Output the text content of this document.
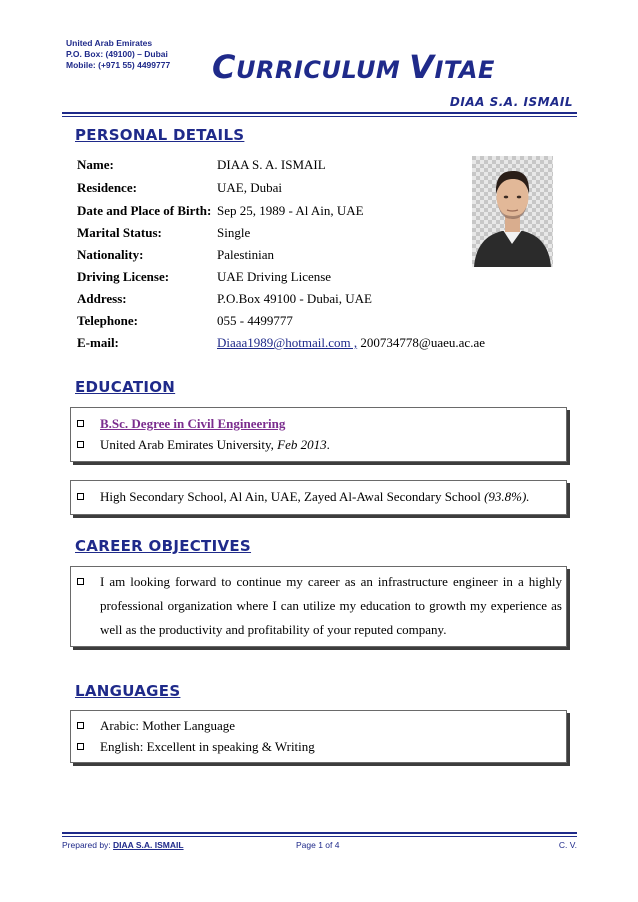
United Arab Emirates
P.O. Box: (49100) – Dubai
Mobile: (+971 55) 4499777 CURRICULUM VITAE
DIAA S.A. ISMAIL
PERSONAL DETAILS
Name:	DIAA S. A. ISMAIL
Residence:	UAE, Dubai
Date and Place of Birth: Sep 25, 1989 - Al Ain, UAE
Marital Status:	Single
Nationality:	Palestinian
Driving License:	UAE Driving License
Address:	P.O.Box 49100 - Dubai, UAE
Telephone:	055 - 4499777
E-mail:	Diaaa1989@hotmail.com , 200734778@uaeu.ac.ae
EDUCATION
B.Sc. Degree in Civil Engineering
United Arab Emirates University, Feb 2013.
High Secondary School, Al Ain, UAE, Zayed Al-Awal Secondary School (93.8%).
CAREER OBJECTIVES
I am looking forward to continue my career as an infrastructure engineer in a highly professional organization where I can utilize my education to growth my experience as well as the productivity and profitability of your reputed company.
LANGUAGES
Arabic: Mother Language
English: Excellent in speaking & Writing
Prepared by: DIAA S.A. ISMAIL	Page 1 of 4	C. V.
